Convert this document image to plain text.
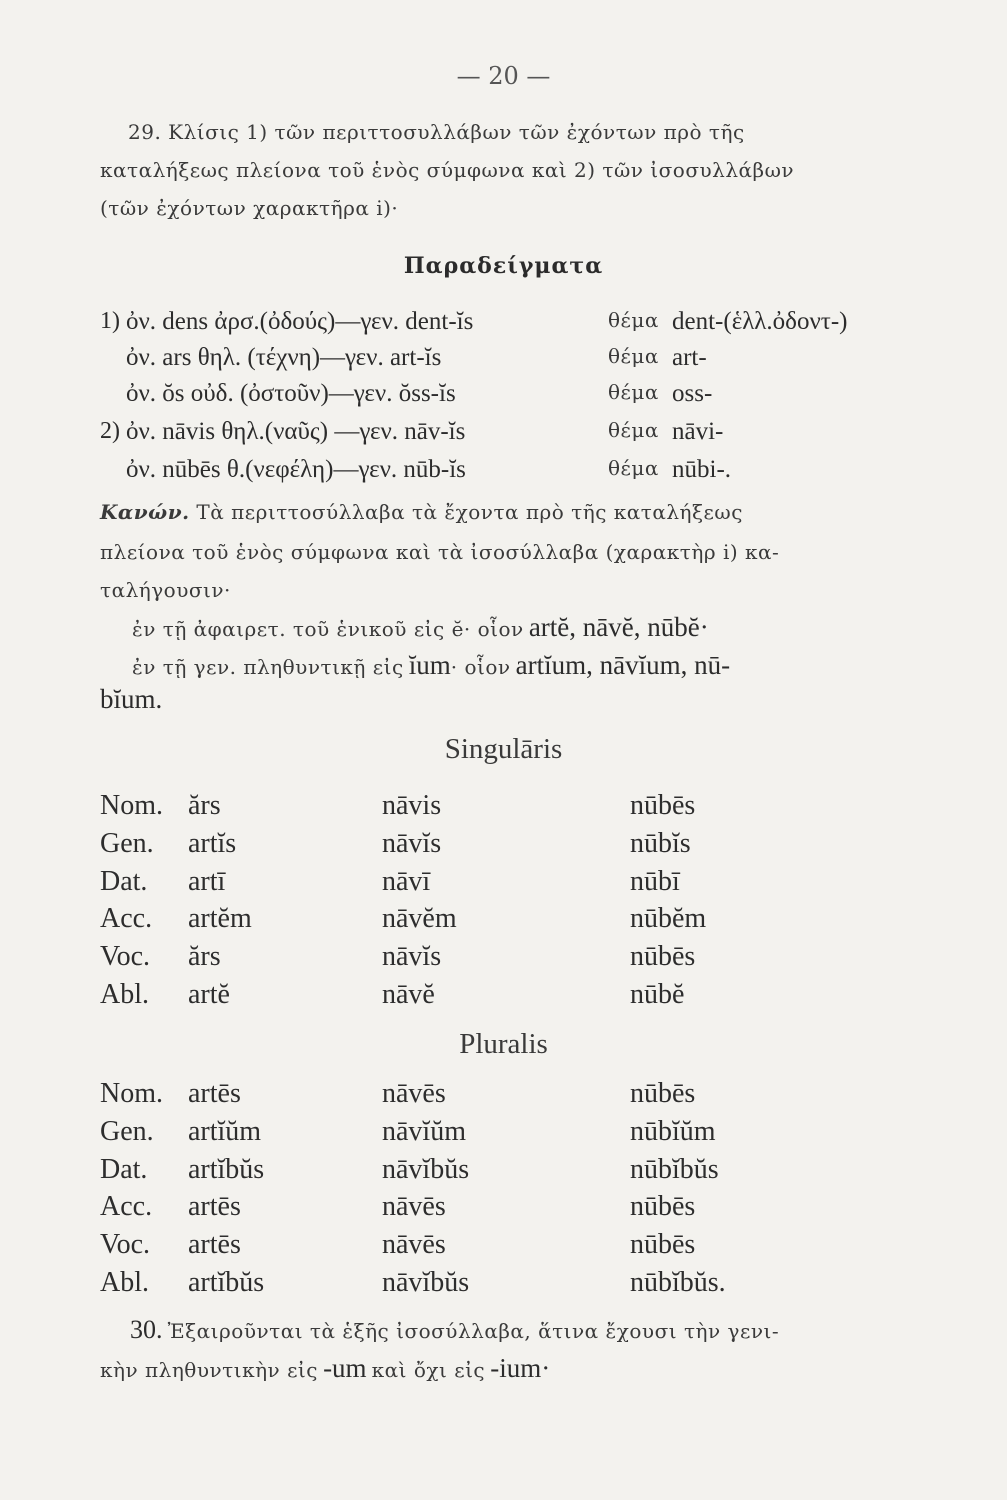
— 20 —
29. Κλίσις 1) τῶν περιττοσυλλάβων τῶν ἐχόντων πρὸ τῆς
καταλήξεως πλείονα τοῦ ἑνὸς σύμφωνα καὶ 2) τῶν ἰσοσυλλάβων
(τῶν ἐχόντων χαρακτῆρα i)·
Παραδείγματα
1) ὀν. dens ἀρσ.(ὀδούς)—γεν. dent-ĭs	θέμα dent-(ἑλλ.ὀδοντ-)
ὀν. ars θηλ. (τέχνη)—γεν. art-ĭs	θέμα art-
ὀν. ŏs οὐδ. (ὀστοῦν)—γεν. ŏss-ĭs	θέμα oss-
2) ὀν. nāvis θηλ.(ναῦς) —γεν. nāv-ĭs	θέμα nāvi-
ὀν. nūbēs θ.(νεφέλη)—γεν. nūb-ĭs	θέμα nūbi-.
Κανών. Τὰ περιττοσύλλαβα τὰ ἔχοντα πρὸ τῆς καταλήξεως
πλείονα τοῦ ἑνὸς σύμφωνα καὶ τὰ ἰσοσύλλαβα (χαρακτὴρ i) κα-
ταλήγουσιν·
ἐν τῇ ἀφαιρετ. τοῦ ἑνικοῦ εἰς ĕ· οἷον artĕ, nāvĕ, nūbĕ·
ἐν τῇ γεν. πληθυντικῇ εἰς ĭum· οἷον artĭum, nāvĭum, nū-
bĭum.
Singulāris
Nom. ărs	nāvis	nūbēs
Gen. artĭs	nāvĭs	nūbĭs
Dat. artī	nāvī	nūbī
Acc. artĕm	nāvĕm	nūbĕm
Voc. ărs	nāvĭs	nūbēs
Abl. artĕ	nāvĕ	nūbĕ
Pluralis
Nom. artēs	nāvēs	nūbēs
Gen. artĭŭm	nāvĭŭm	nūbĭŭm
Dat. artĭbŭs	nāvĭbŭs	nūbĭbŭs
Acc. artēs	nāvēs	nūbēs
Voc. artēs	nāvēs	nūbēs
Abl. artĭbŭs	nāvĭbŭs	nūbĭbŭs.
30. Ἐξαιροῦνται τὰ ἑξῆς ἰσοσύλλαβα, ἅτινα ἔχουσι τὴν γενι-
κὴν πληθυντικὴν εἰς -um καὶ ὄχι εἰς -ium·
